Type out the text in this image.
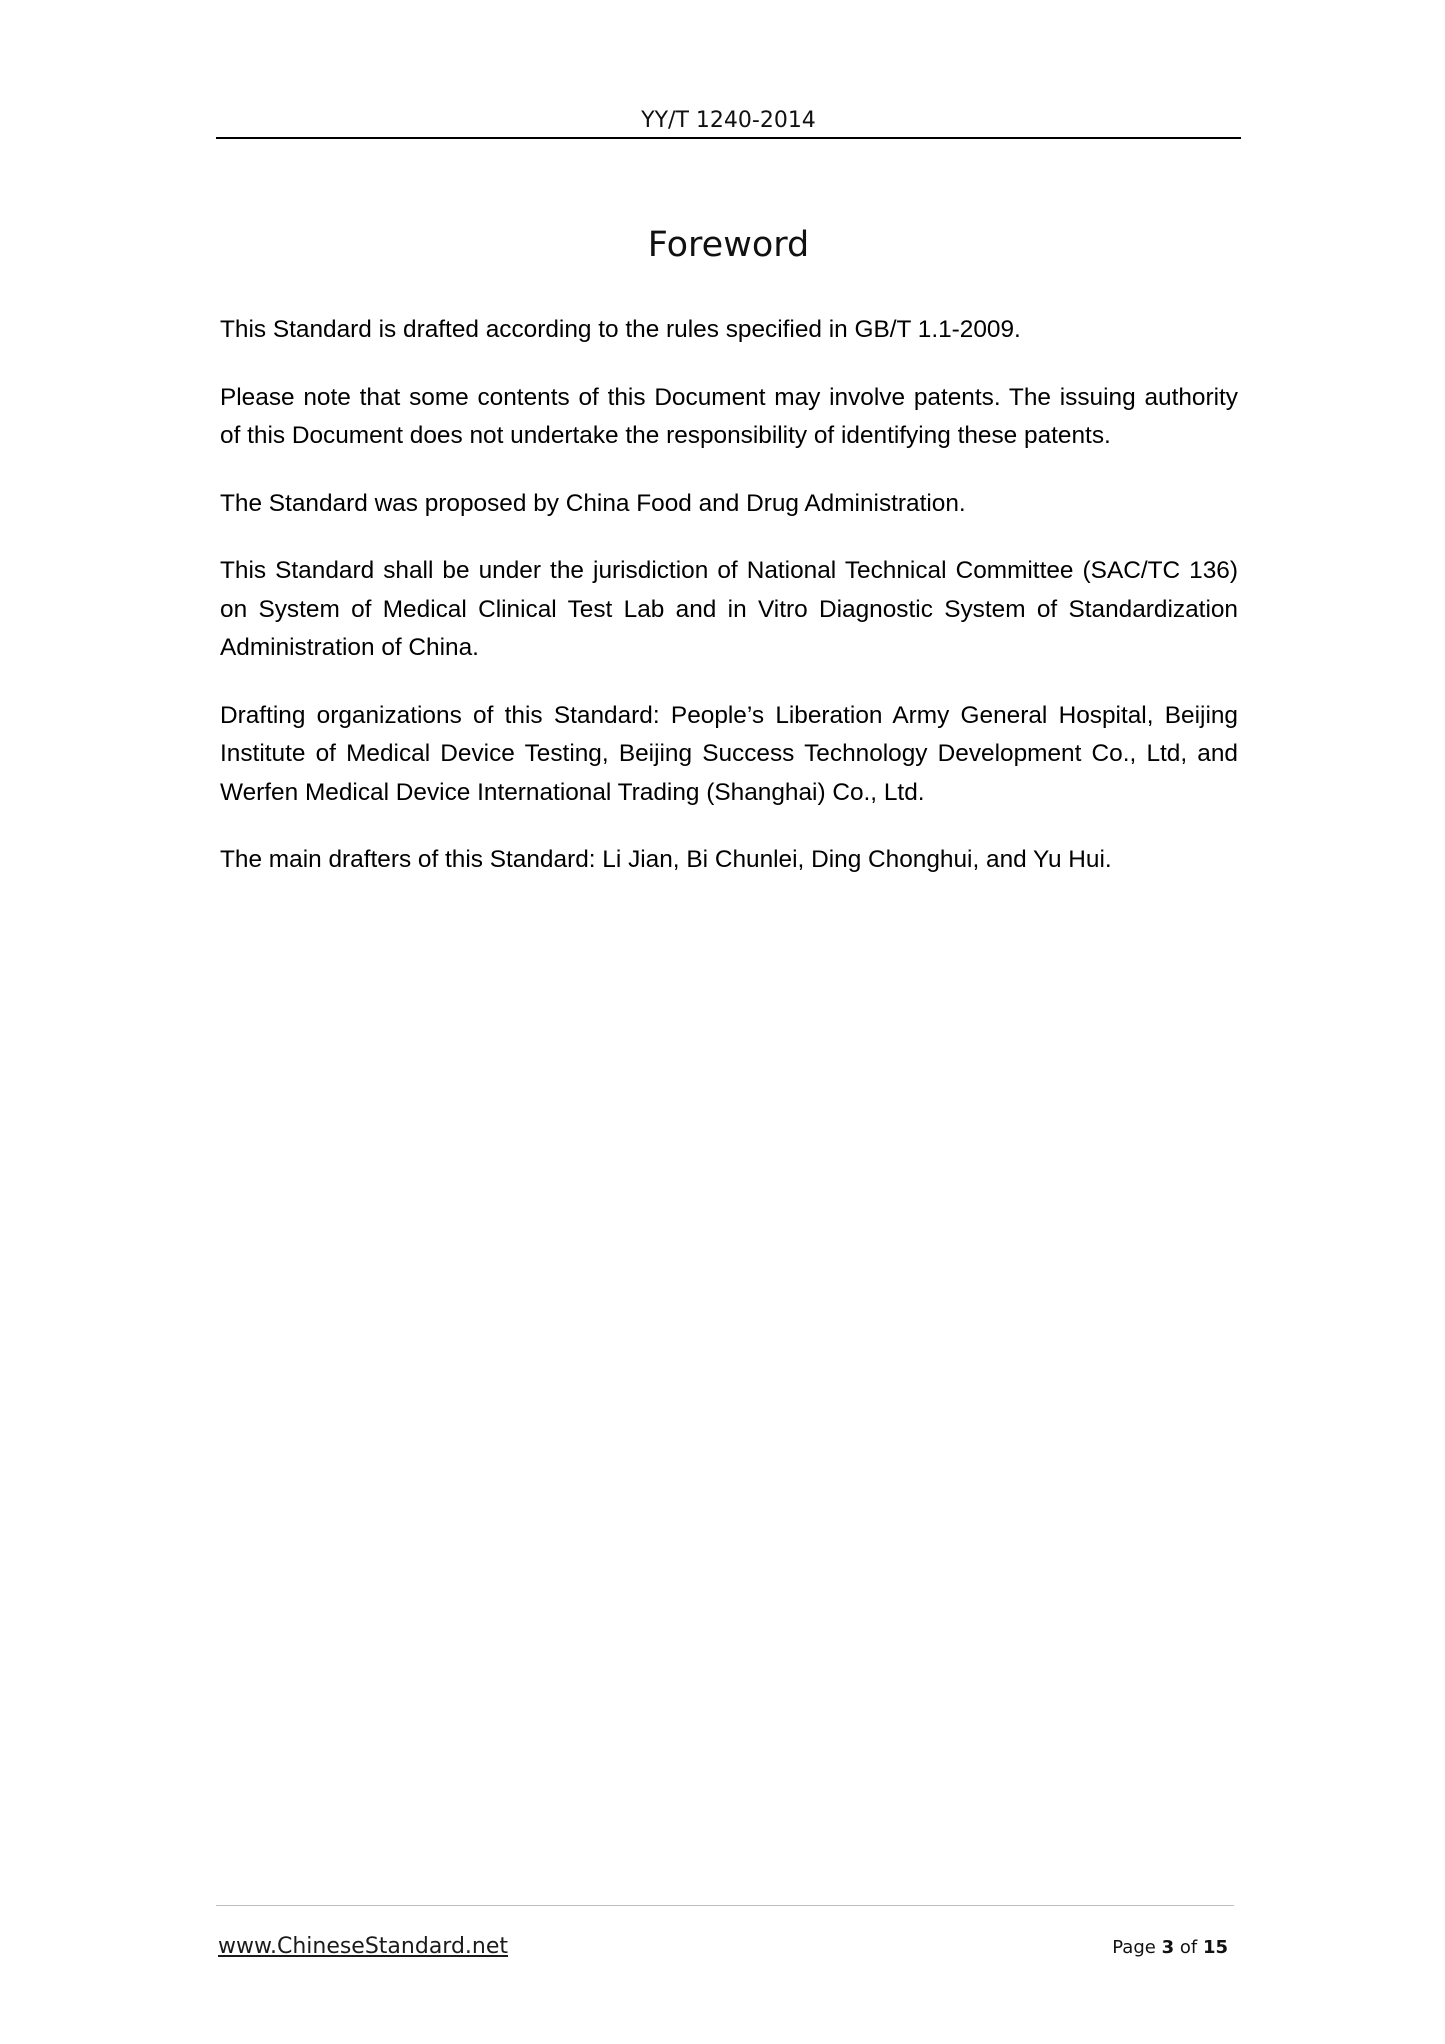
YY/T 1240-2014
Foreword

This Standard is drafted according to the rules specified in GB/T 1.1-2009.

Please note that some contents of this Document may involve patents. The issuing authority of this Document does not undertake the responsibility of identifying these patents.

The Standard was proposed by China Food and Drug Administration.

This Standard shall be under the jurisdiction of National Technical Committee (SAC/TC 136) on System of Medical Clinical Test Lab and in Vitro Diagnostic System of Standardization Administration of China.

Drafting organizations of this Standard: People’s Liberation Army General Hospital, Beijing Institute of Medical Device Testing, Beijing Success Technology Development Co., Ltd, and Werfen Medical Device International Trading (Shanghai) Co., Ltd.

The main drafters of this Standard: Li Jian, Bi Chunlei, Ding Chonghui, and Yu Hui.

www.ChineseStandard.net	Page 3 of 15
